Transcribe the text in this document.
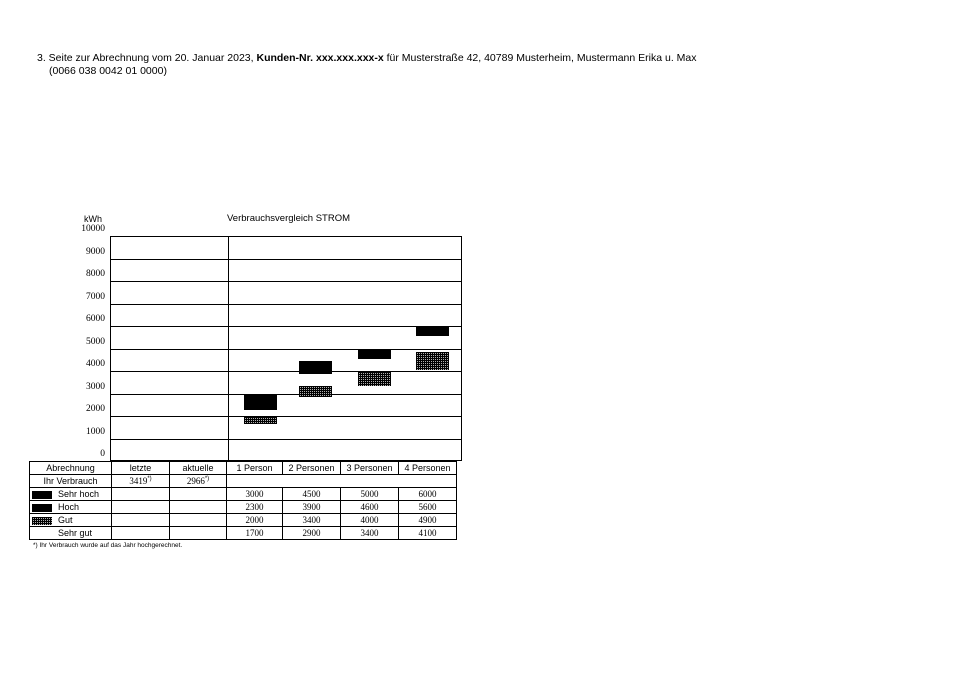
3. Seite zur Abrechnung vom 20. Januar 2023, Kunden-Nr. xxx.xxx.xxx-x für Musterstraße 42, 40789 Musterheim, Mustermann Erika u. Max
(0066 038 0042 01 0000)
kWh	Verbrauchsvergleich STROM
10000
9000
8000
7000
6000
5000
4000
3000
2000
1000
0
Abrechnung	letzte	aktuelle	1 Person	2 Personen	3 Personen	4 Personen
Ihr Verbrauch	3419*)	2966*)				
Sehr hoch			3000	4500	5000	6000
Hoch			2300	3900	4600	5600
Gut			2000	3400	4000	4900
Sehr gut			1700	2900	3400	4100
*) Ihr Verbrauch wurde auf das Jahr hochgerechnet.
